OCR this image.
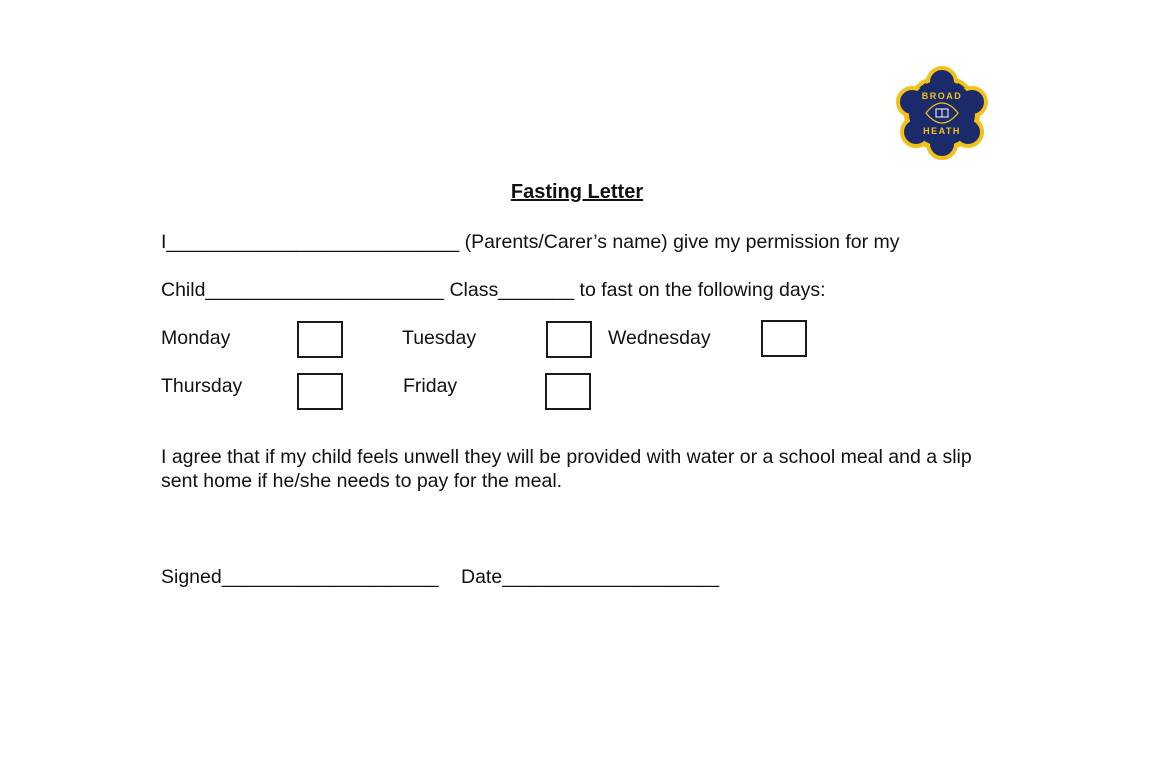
BROAD
HEATH
Fasting Letter
I___________________________ (Parents/Carer’s name) give my permission for my
Child______________________ Class_______ to fast on the following days:
Monday	Tuesday	Wednesday
Thursday	Friday
I agree that if my child feels unwell they will be provided with water or a school meal and a slip sent home if he/she needs to pay for the meal.
Signed____________________ Date____________________
